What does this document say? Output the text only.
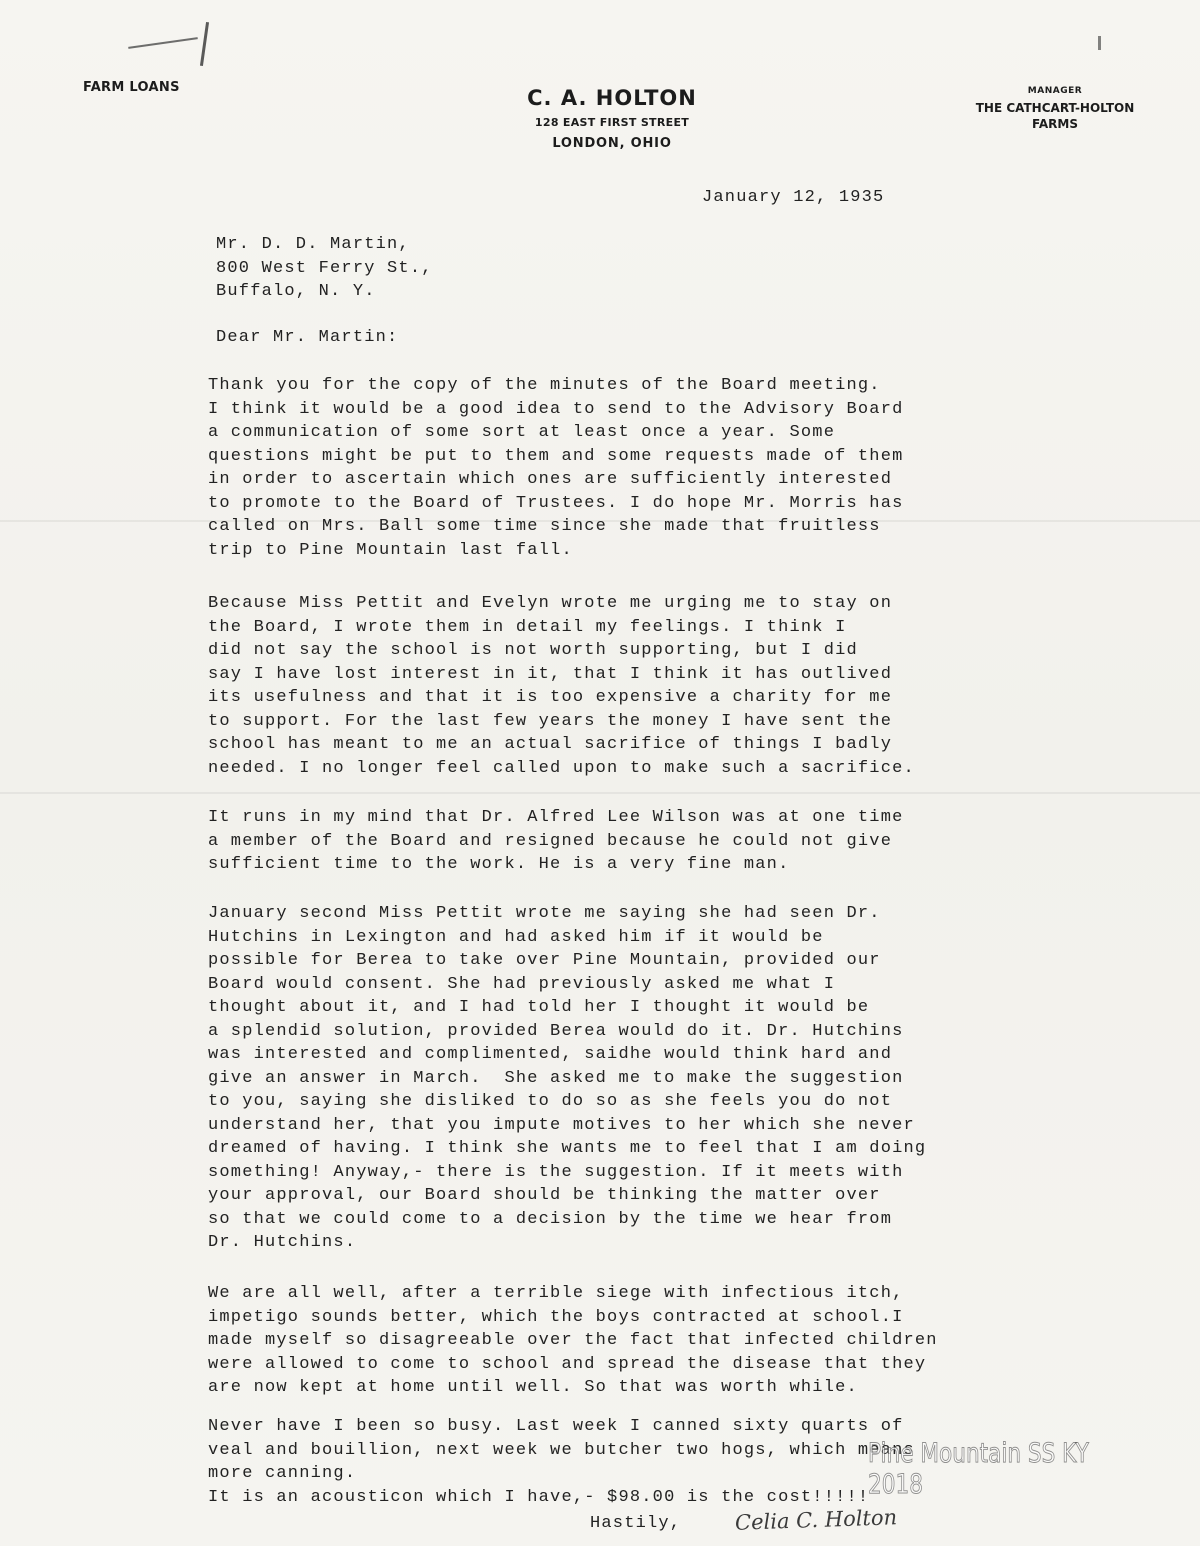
FARM LOANS	C. A. HOLTON
128 EAST FIRST STREET
LONDON, OHIO
MANAGER
THE CATHCART-HOLTON
FARMS
January 12, 1935
Mr. D. D. Martin,
800 West Ferry St.,
Buffalo, N. Y.
Dear Mr. Martin:
Thank you for the copy of the minutes of the Board meeting.
I think it would be a good idea to send to the Advisory Board
a communication of some sort at least once a year. Some
questions might be put to them and some requests made of them
in order to ascertain which ones are sufficiently interested
to promote to the Board of Trustees. I do hope Mr. Morris has
called on Mrs. Ball some time since she made that fruitless
trip to Pine Mountain last fall.
Because Miss Pettit and Evelyn wrote me urging me to stay on
the Board, I wrote them in detail my feelings. I think I
did not say the school is not worth supporting, but I did
say I have lost interest in it, that I think it has outlived
its usefulness and that it is too expensive a charity for me
to support. For the last few years the money I have sent the
school has meant to me an actual sacrifice of things I badly
needed. I no longer feel called upon to make such a sacrifice.
It runs in my mind that Dr. Alfred Lee Wilson was at one time
a member of the Board and resigned because he could not give
sufficient time to the work. He is a very fine man.
January second Miss Pettit wrote me saying she had seen Dr.
Hutchins in Lexington and had asked him if it would be
possible for Berea to take over Pine Mountain, provided our
Board would consent. She had previously asked me what I
thought about it, and I had told her I thought it would be
a splendid solution, provided Berea would do it. Dr. Hutchins
was interested and complimented, saidhe would think hard and
give an answer in March.  She asked me to make the suggestion
to you, saying she disliked to do so as she feels you do not
understand her, that you impute motives to her which she never
dreamed of having. I think she wants me to feel that I am doing
something! Anyway,- there is the suggestion. If it meets with
your approval, our Board should be thinking the matter over
so that we could come to a decision by the time we hear from
Dr. Hutchins.
We are all well, after a terrible siege with infectious itch,
impetigo sounds better, which the boys contracted at school.I
made myself so disagreeable over the fact that infected children
were allowed to come to school and spread the disease that they
are now kept at home until well. So that was worth while.
Never have I been so busy. Last week I canned sixty quarts of
veal and bouillion, next week we butcher two hogs, which means
more canning.
It is an acousticon which I have,- $98.00 is the cost!!!!!
Hastily,	Celia C. Holton
Pine Mountain SS KY 2018
